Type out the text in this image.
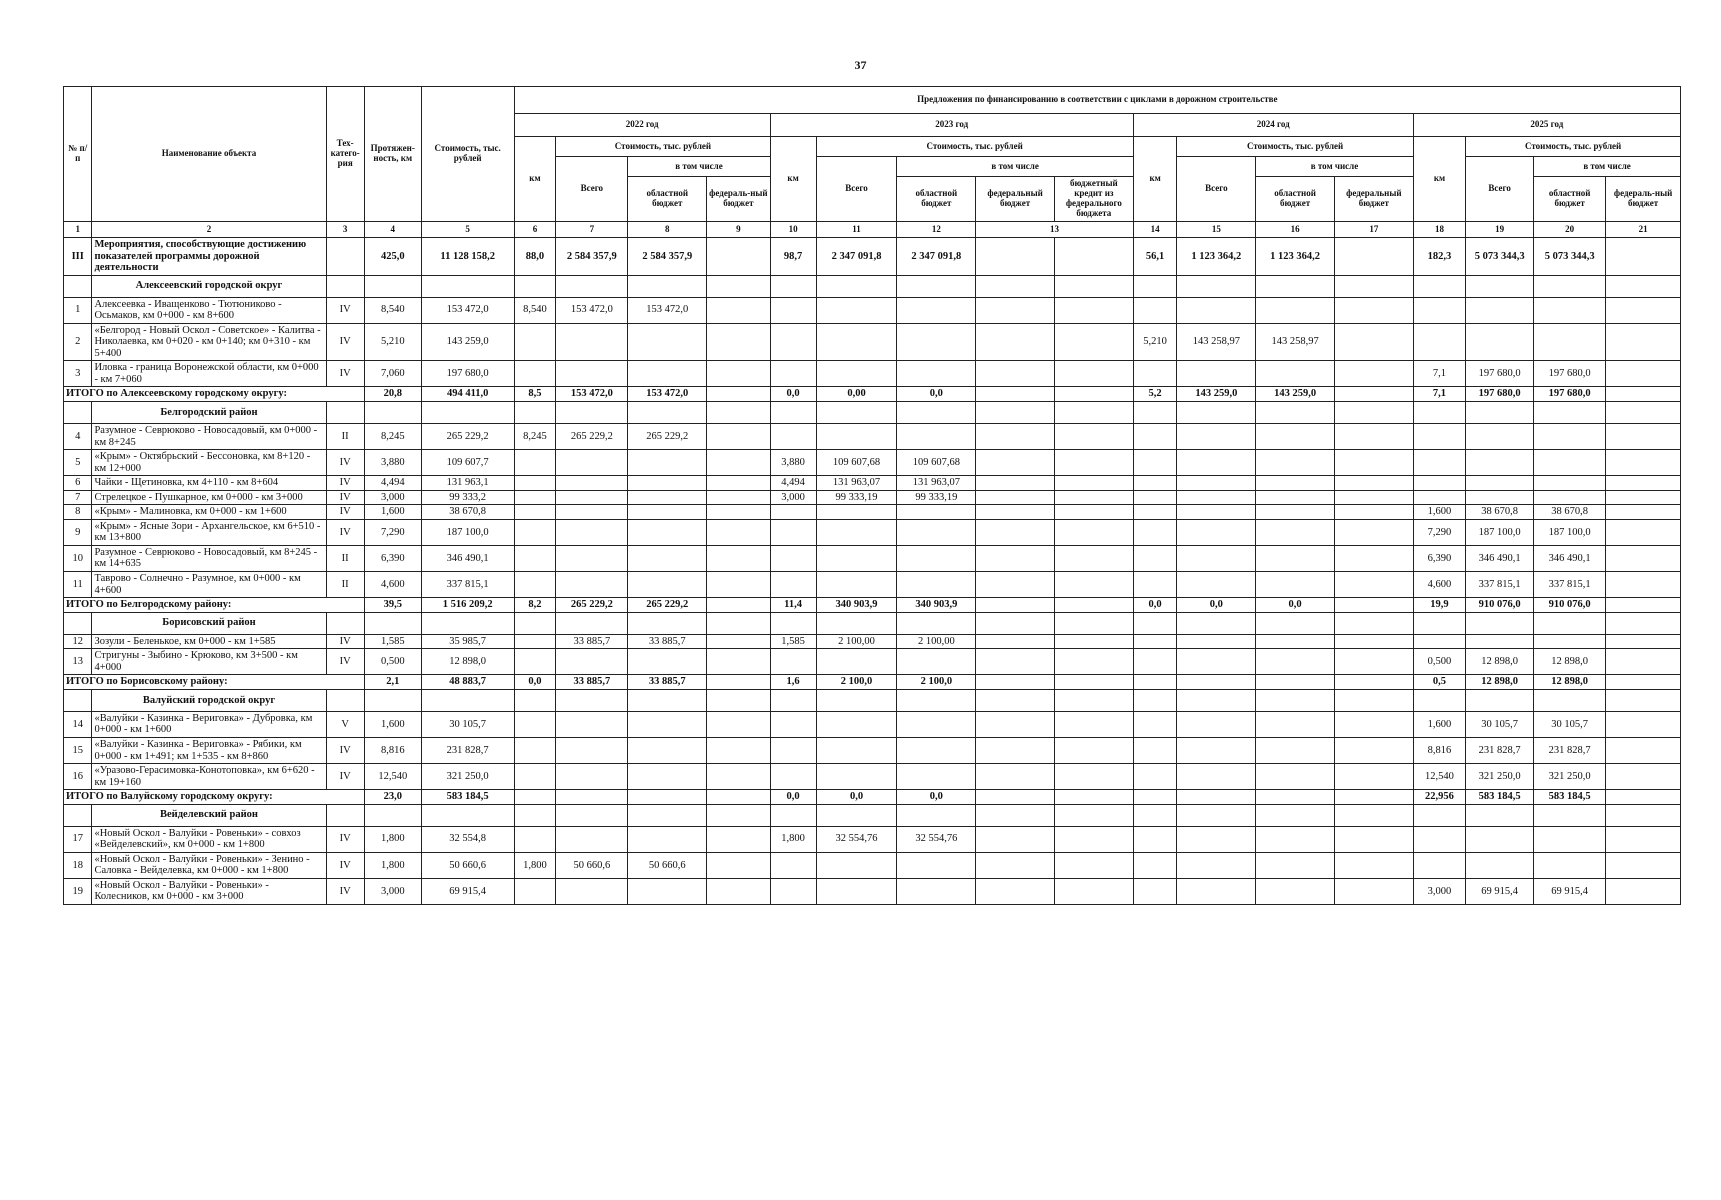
37
№ п/п	Наименование объекта	Тех-катего-рия	Протяжен-ность, км	Стоимость, тыс. рублей	Предложения по финансированию в соответствии с циклами в дорожном строительстве																
					2022 год				2023 год					2024 год				2025 год			
					км	Стоимость, тыс. рублей			км	Стоимость, тыс. рублей				км	Стоимость, тыс. рублей			км	Стоимость, тыс. рублей		
						Всего	в том числе			Всего	в том числе				Всего	в том числе			Всего	в том числе	
							областной бюджет	федераль-ный бюджет			областной бюджет	федеральный бюджет	бюджетный кредит из федерального бюджета			областной бюджет	федеральный бюджет			областной бюджет	федераль-ный бюджет
1	2	3	4	5	6	7	8	9	10	11	12	13		14	15	16	17	18	19	20	21
III	Мероприятия, способствующие достижению показателей программы дорожной деятельности		425,0	11 128 158,2	88,0	2 584 357,9	2 584 357,9		98,7	2 347 091,8	2 347 091,8			56,1	1 123 364,2	1 123 364,2		182,3	5 073 344,3	5 073 344,3	
	Алексеевский городской округ																				
1	Алексеевка - Иващенково - Тютюниково - Осьмаков, км 0+000 - км 8+600	IV	8,540	153 472,0	8,540	153 472,0	153 472,0														
2	«Белгород - Новый Оскол - Советское» - Калитва - Николаевка, км 0+020 - км 0+140; км 0+310 - км 5+400	IV	5,210	143 259,0										5,210	143 258,97	143 258,97					
3	Иловка - граница Воронежской области, км 0+000 - км 7+060	IV	7,060	197 680,0														7,1	197 680,0	197 680,0	
ИТОГО по Алексеевскому городскому округу:			20,8	494 411,0	8,5	153 472,0	153 472,0		0,0	0,00	0,0			5,2	143 259,0	143 259,0		7,1	197 680,0	197 680,0	
	Белгородский район																				
4	Разумное - Севрюково - Новосадовый, км 0+000 - км 8+245	II	8,245	265 229,2	8,245	265 229,2	265 229,2														
5	«Крым» - Октябрьский - Бессоновка, км 8+120 - км 12+000	IV	3,880	109 607,7					3,880	109 607,68	109 607,68										
6	Чайки - Щетиновка, км 4+110 - км 8+604	IV	4,494	131 963,1					4,494	131 963,07	131 963,07										
7	Стрелецкое - Пушкарное, км 0+000 - км 3+000	IV	3,000	99 333,2					3,000	99 333,19	99 333,19										
8	«Крым» - Малиновка, км 0+000 - км 1+600	IV	1,600	38 670,8														1,600	38 670,8	38 670,8	
9	«Крым» - Ясные Зори - Архангельское, км 6+510 - км 13+800	IV	7,290	187 100,0														7,290	187 100,0	187 100,0	
10	Разумное - Севрюково - Новосадовый, км 8+245 - км 14+635	II	6,390	346 490,1														6,390	346 490,1	346 490,1	
11	Таврово - Солнечно - Разумное, км 0+000 - км 4+600	II	4,600	337 815,1														4,600	337 815,1	337 815,1	
ИТОГО по Белгородскому району:			39,5	1 516 209,2	8,2	265 229,2	265 229,2		11,4	340 903,9	340 903,9			0,0	0,0	0,0		19,9	910 076,0	910 076,0	
	Борисовский район																				
12	Зозули - Беленькое, км 0+000 - км 1+585	IV	1,585	35 985,7		33 885,7	33 885,7		1,585	2 100,00	2 100,00										
13	Стригуны - Зыбино - Крюково, км 3+500 - км 4+000	IV	0,500	12 898,0														0,500	12 898,0	12 898,0	
ИТОГО по Борисовскому району:			2,1	48 883,7	0,0	33 885,7	33 885,7		1,6	2 100,0	2 100,0							0,5	12 898,0	12 898,0	
	Валуйский городской округ																				
14	«Валуйки - Казинка - Вериговка» - Дубровка, км 0+000 - км 1+600	V	1,600	30 105,7														1,600	30 105,7	30 105,7	
15	«Валуйки - Казинка - Вериговка» - Рябики, км 0+000 - км 1+491; км 1+535 - км 8+860	IV	8,816	231 828,7														8,816	231 828,7	231 828,7	
16	«Уразово-Герасимовка-Конотоповка», км 6+620 - км 19+160	IV	12,540	321 250,0														12,540	321 250,0	321 250,0	
ИТОГО по Валуйскому городскому округу:			23,0	583 184,5					0,0	0,0	0,0							22,956	583 184,5	583 184,5	
	Вейделевский район																				
17	«Новый Оскол - Валуйки - Ровеньки» - совхоз «Вейделевский», км 0+000 - км 1+800	IV	1,800	32 554,8					1,800	32 554,76	32 554,76										
18	«Новый Оскол - Валуйки - Ровеньки» - Зенино - Саловка - Вейделевка, км 0+000 - км 1+800	IV	1,800	50 660,6	1,800	50 660,6	50 660,6														
19	«Новый Оскол - Валуйки - Ровеньки» - Колесников, км 0+000 - км 3+000	IV	3,000	69 915,4														3,000	69 915,4	69 915,4	
